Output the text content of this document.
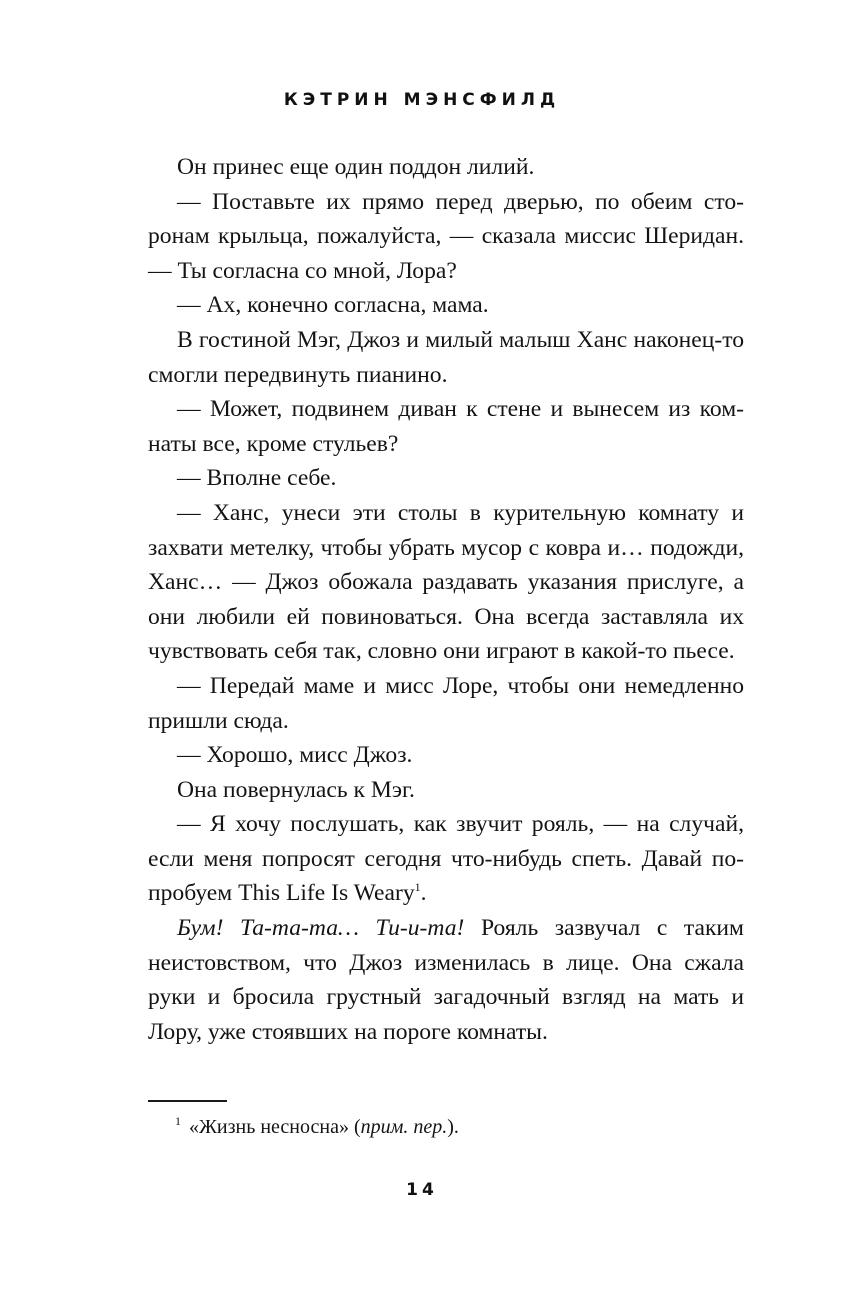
КЭТРИН МЭНСФИЛД

Он принес еще один поддон лилий.

— Поставьте их прямо перед дверью, по обеим сторонам крыльца, пожалуйста, — сказала миссис Шеридан. — Ты согласна со мной, Лора?

— Ах, конечно согласна, мама.

В гостиной Мэг, Джоз и милый малыш Ханс наконец-то смогли передвинуть пианино.

— Может, подвинем диван к стене и вынесем из комнаты все, кроме стульев?

— Вполне себе.

— Ханс, унеси эти столы в курительную комнату и захвати метелку, чтобы убрать мусор с ковра и… подожди, Ханс… — Джоз обожала раздавать указания прислуге, а они любили ей повиноваться. Она всегда заставляла их чувствовать себя так, словно они играют в какой-то пьесе.

— Передай маме и мисс Лоре, чтобы они немедленно пришли сюда.

— Хорошо, мисс Джоз.

Она повернулась к Мэг.

— Я хочу послушать, как звучит рояль, — на случай, если меня попросят сегодня что-нибудь спеть. Давай попробуем This Life Is Weary$^1$.

Бум! Та-та-та… Ти-и-та! Рояль зазвучал с таким неистовством, что Джоз изменилась в лице. Она сжала руки и бросила грустный загадочный взгляд на мать и Лору, уже стоявших на пороге комнаты.

$^1$ «Жизнь несносна» (прим. пер.).
14
